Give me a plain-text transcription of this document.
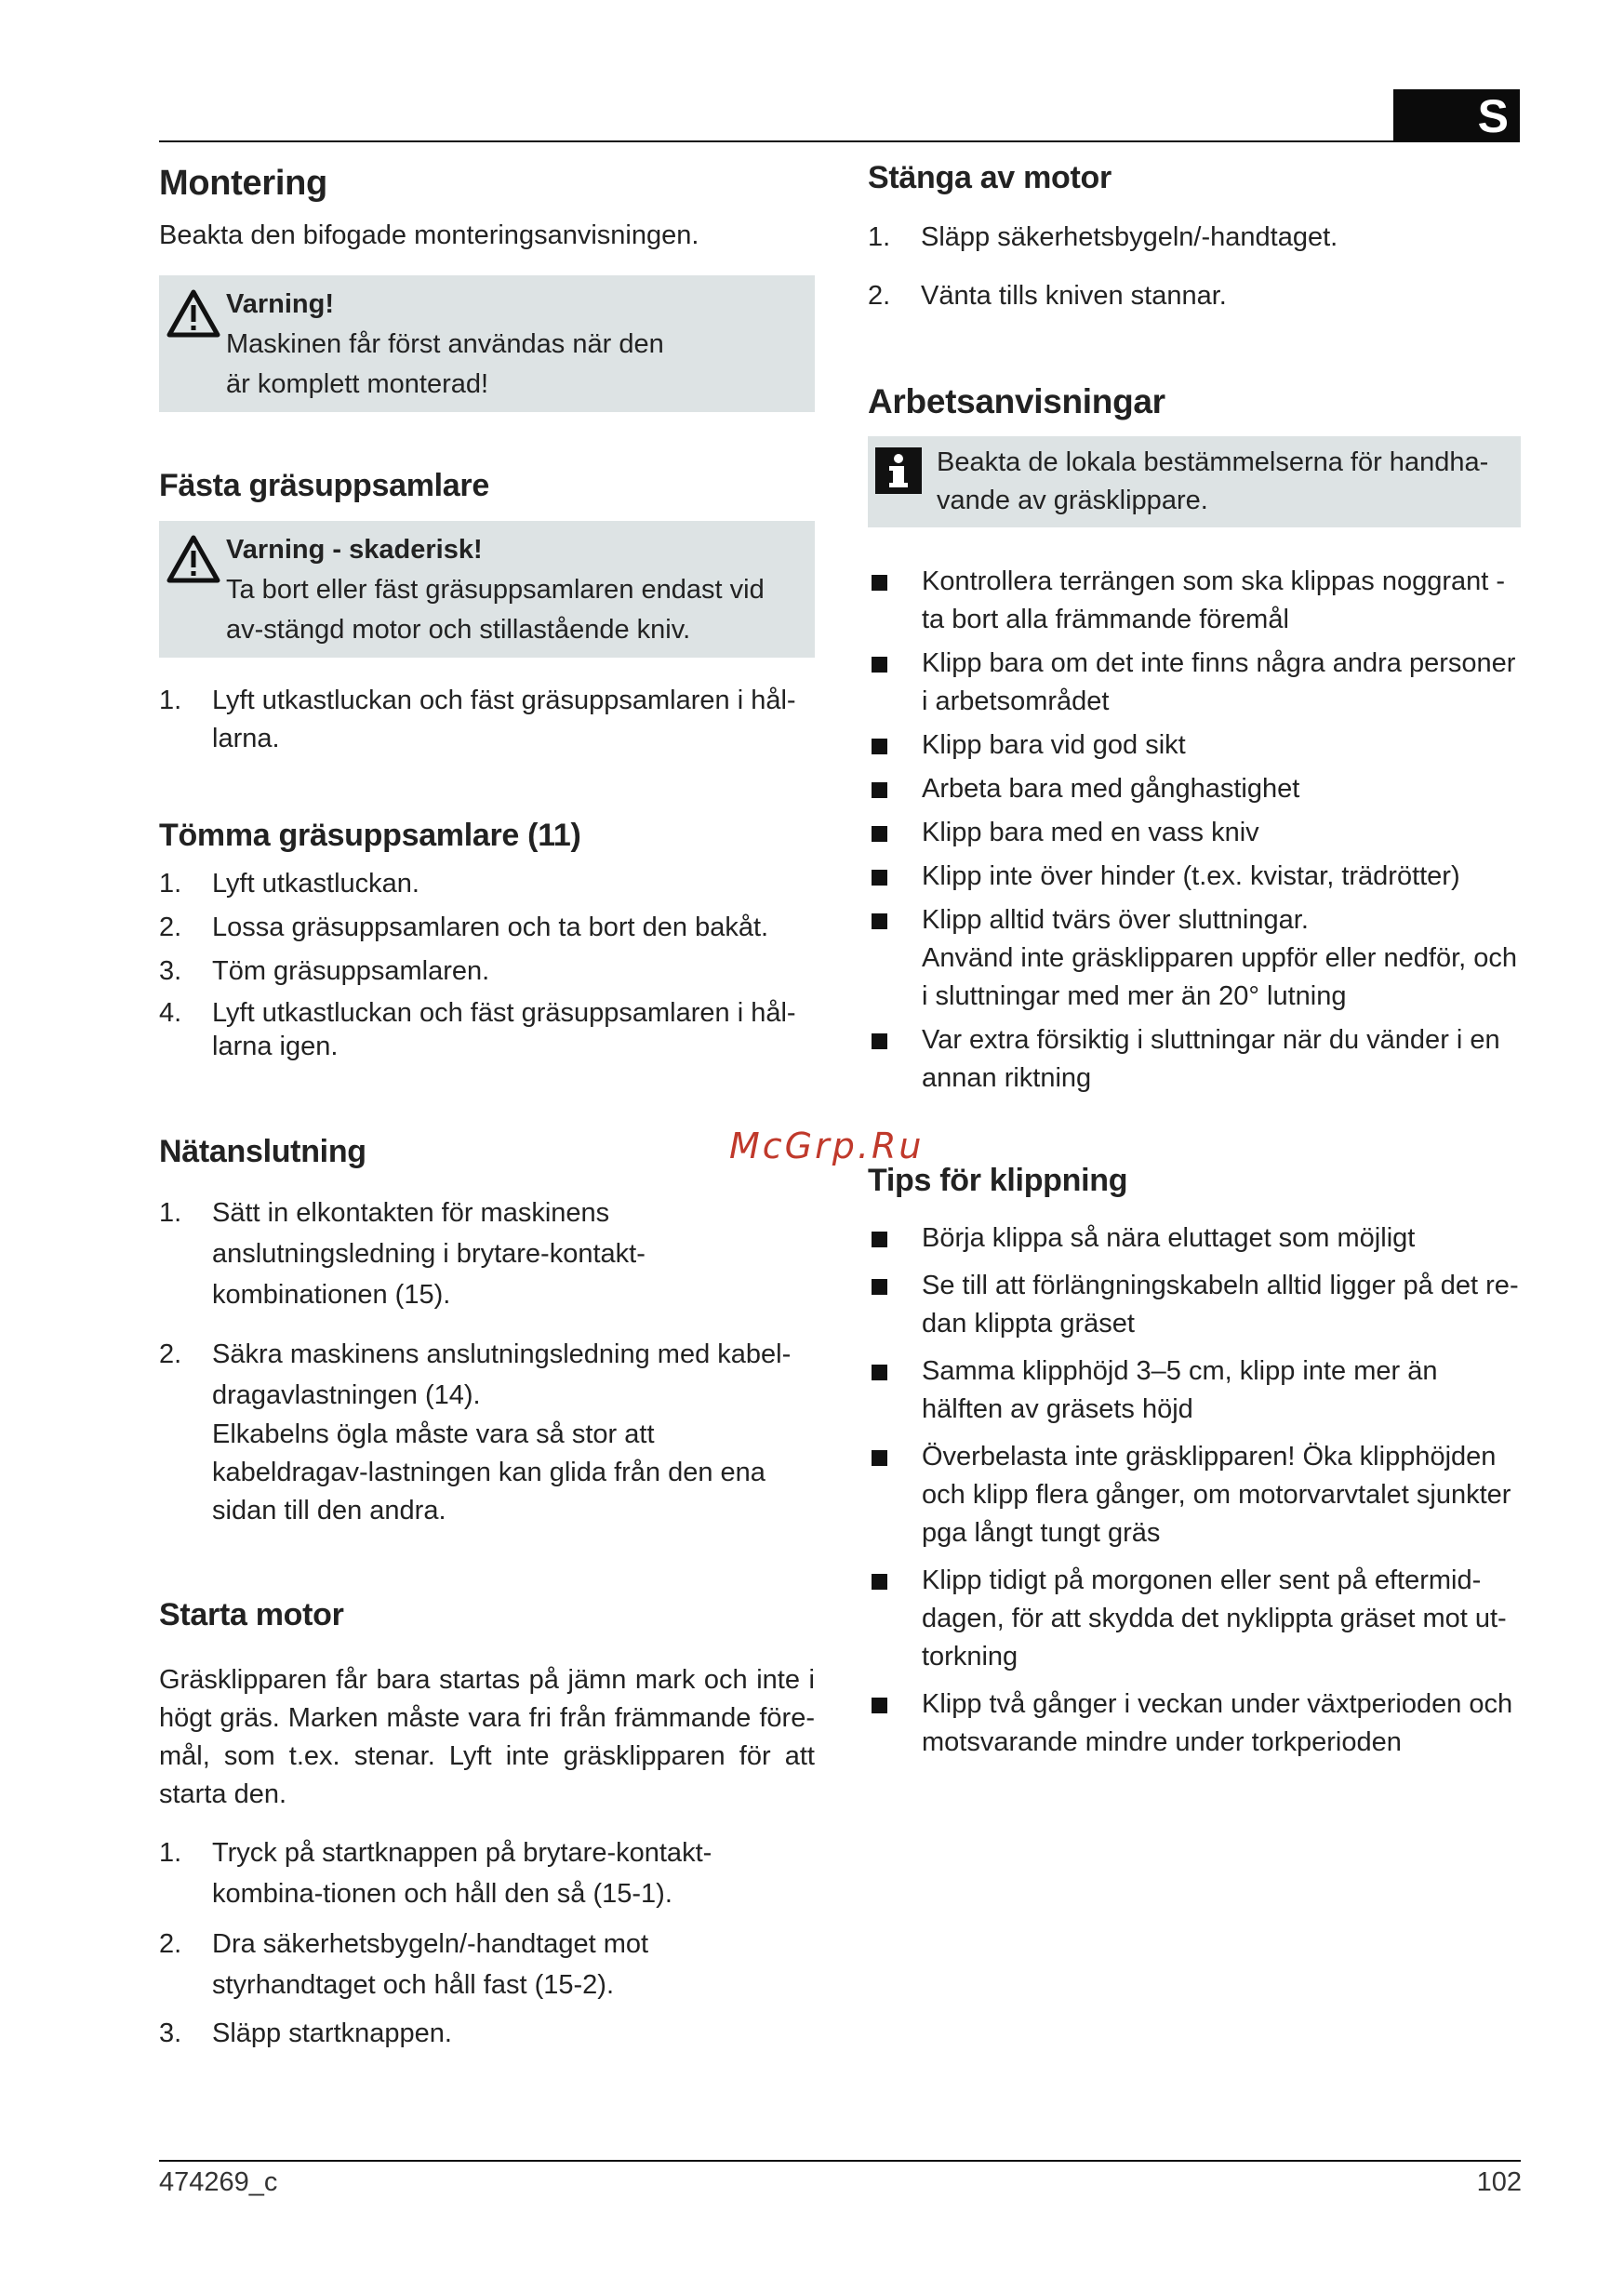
S
Montering

Beakta den bifogade monteringsanvisningen.

Varning!
Maskinen får först användas när den är komplett monterad!
Fästa gräsuppsamlare
Varning - skaderisk!
Ta bort eller fäst gräsuppsamlaren endast vid av-stängd motor och stillastående kniv.
1. Lyft utkastluckan och fäst gräsuppsamlaren i hål-larna.
Tömma gräsuppsamlare (11)
1. Lyft utkastluckan.
2. Lossa gräsuppsamlaren och ta bort den bakåt.
3. Töm gräsuppsamlaren.
4. Lyft utkastluckan och fäst gräsuppsamlaren i hål-larna igen.
Nätanslutning
1. Sätt in elkontakten för maskinens anslutningsledning i brytare-kontakt-kombinationen (15).
2. Säkra maskinens anslutningsledning med kabel-dragavlastningen (14).
Elkabelns ögla måste vara så stor att kabeldragav-lastningen kan glida från den ena sidan till den andra.
Starta motor

Gräsklipparen får bara startas på jämn mark och inte i högt gräs. Marken måste vara fri från främmande före-mål, som t.ex. stenar. Lyft inte gräsklipparen för att starta den.

1. Tryck på startknappen på brytare-kontakt-kombina-tionen och håll den så (15-1).
2. Dra säkerhetsbygeln/-handtaget mot styrhandtaget och håll fast (15-2).
3. Släpp startknappen.
Stänga av motor
1. Släpp säkerhetsbygeln/-handtaget.
2. Vänta tills kniven stannar.
Arbetsanvisningar
Beakta de lokala bestämmelserna för handha-vande av gräsklippare.
Kontrollera terrängen som ska klippas noggrant - ta bort alla främmande föremål
Klipp bara om det inte finns några andra personer i arbetsområdet
Klipp bara vid god sikt
Arbeta bara med gånghastighet
Klipp bara med en vass kniv
Klipp inte över hinder (t.ex. kvistar, trädrötter)
Klipp alltid tvärs över sluttningar.
Använd inte gräsklipparen uppför eller nedför, och i sluttningar med mer än 20° lutning
Var extra försiktig i sluttningar när du vänder i en annan riktning
Tips för klippning
Börja klippa så nära eluttaget som möjligt
Se till att förlängningskabeln alltid ligger på det re-dan klippta gräset
Samma klipphöjd 3–5 cm, klipp inte mer än hälften av gräsets höjd
Överbelasta inte gräsklipparen! Öka klipphöjden och klipp flera gånger, om motorvarvtalet sjunkter pga långt tungt gräs
Klipp tidigt på morgonen eller sent på eftermid-dagen, för att skydda det nyklippta gräset mot ut-torkning
Klipp två gånger i veckan under växtperioden och motsvarande mindre under torkperioden
McGrp.Ru
474269_c	102
